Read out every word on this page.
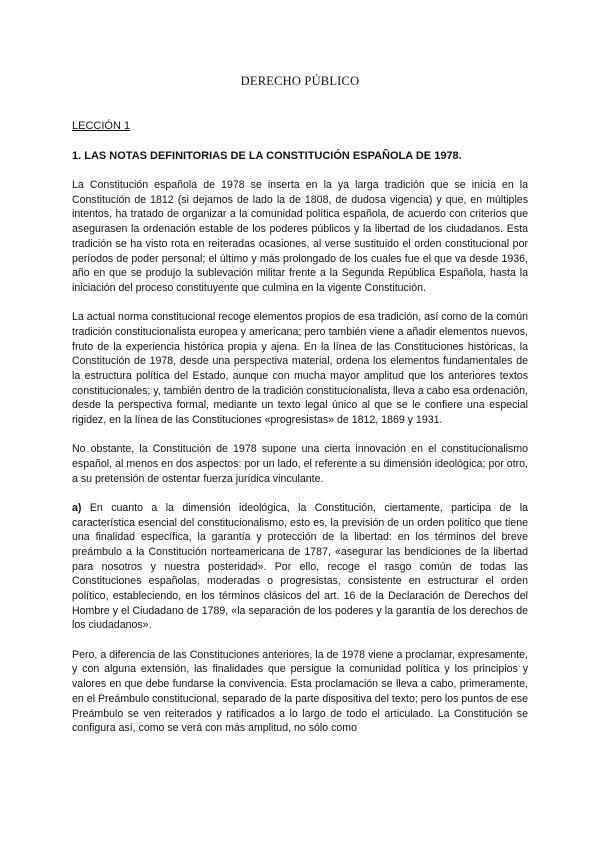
DERECHO PÚBLICO
LECCIÓN 1
1. LAS NOTAS DEFINITORIAS DE LA CONSTITUCIÓN ESPAÑOLA DE 1978.

La Constitución española de 1978 se inserta en la ya larga tradición que se inicia en la Constitución de 1812 (si dejamos de lado la de 1808, de dudosa vigencia) y que, en múltiples intentos, ha tratado de organizar a la comunidad política española, de acuerdo con criterios que asegurasen la ordenación estable de los poderes públicos y la libertad de los ciudadanos. Esta tradición se ha visto rota en reiteradas ocasiones, al verse sustituido el orden constitucional por períodos de poder personal; el último y más prolongado de los cuales fue el que va desde 1936, año en que se produjo la sublevación militar frente a la Segunda República Española, hasta la iniciación del proceso constituyente que culmina en la vigente Constitución.

La actual norma constitucional recoge elementos propios de esa tradición, así como de la común tradición constitucionalista europea y americana; pero también viene a añadir elementos nuevos, fruto de la experiencia histórica propia y ajena. En la línea de las Constituciones históricas, la Constitución de 1978, desde una perspectiva material, ordena los elementos fundamentales de la estructura política del Estado, aunque con mucha mayor amplitud que los anteriores textos constitucionales; y, también dentro de la tradición constitucionalista, lleva a cabo esa ordenación, desde la perspectiva formal, mediante un texto legal único al que se le confiere una especial rigidez, en la línea de las Constituciones «progresistas» de 1812, 1869 y 1931.

No obstante, la Constitución de 1978 supone una cierta innovación en el constitucionalismo español, al menos en dos aspectos: por un lado, el referente a su dimensión ideológica; por otro, a su pretensión de ostentar fuerza jurídica vinculante.

a) En cuanto a la dimensión ideológica, la Constitución, ciertamente, participa de la característica esencial del constitucionalismo, esto es, la previsión de un orden político que tiene una finalidad específica, la garantía y protección de la libertad: en los términos del breve preámbulo a la Constitución norteamericana de 1787, «asegurar las bendiciones de la libertad para nosotros y nuestra posteridad». Por ello, recoge el rasgo común de todas las Constituciones españolas, moderadas o progresistas, consistente en estructurar el orden político, estableciendo, en los términos clásicos del art. 16 de la Declaración de Derechos del Hombre y el Ciudadano de 1789, «la separación de los poderes y la garantía de los derechos de los ciudadanos».

Pero, a diferencia de las Constituciones anteriores, la de 1978 viene a proclamar, expresamente, y con alguna extensión, las finalidades que persigue la comunidad política y los principios y valores en que debe fundarse la convivencia. Esta proclamación se lleva a cabo, primeramente, en el Preámbulo constitucional, separado de la parte dispositiva del texto; pero los puntos de ese Preámbulo se ven reiterados y ratificados a lo largo de todo el articulado. La Constitución se configura así, como se verá con más amplitud, no sólo como
